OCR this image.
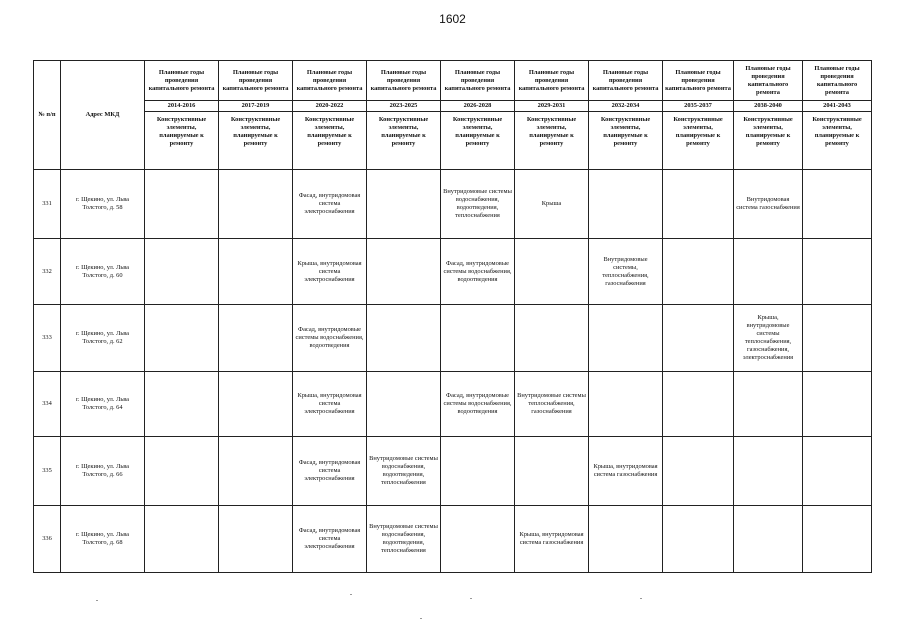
1602
№ п/п	Адрес МКД	Плановые годы проведения капитального ремонта	Плановые годы проведения капитального ремонта	Плановые годы проведения капитального ремонта	Плановые годы проведения капитального ремонта	Плановые годы проведения капитального ремонта	Плановые годы проведения капитального ремонта	Плановые годы проведения капитального ремонта	Плановые годы проведения капитального ремонта	Плановые годы проведения капитального ремонта	Плановые годы проведения капитального ремонта
		2014-2016	2017-2019	2020-2022	2023-2025	2026-2028	2029-2031	2032-2034	2035-2037	2038-2040	2041-2043
		Конструктивные элементы, планируемые к ремонту	Конструктивные элементы, планируемые к ремонту	Конструктивные элементы, планируемые к ремонту	Конструктивные элементы, планируемые к ремонту	Конструктивные элементы, планируемые к ремонту	Конструктивные элементы, планируемые к ремонту	Конструктивные элементы, планируемые к ремонту	Конструктивные элементы, планируемые к ремонту	Конструктивные элементы, планируемые к ремонту	Конструктивные элементы, планируемые к ремонту
331	г. Щекино, ул. Льва Толстого, д. 58			Фасад, внутридомовая система электроснабжения		Внутридомовые системы водоснабжения, водоотведения, теплоснабжения	Крыша			Внутридомовая система газоснабжения	
332	г. Щекино, ул. Льва Толстого, д. 60			Крыша, внутридомовая система электроснабжения		Фасад, внутридомовые системы водоснабжения, водоотведения		Внутридомовые системы, теплоснабжения, газоснабжения			
333	г. Щекино, ул. Льва Толстого, д. 62			Фасад, внутридомовые системы водоснабжения, водоотведения						Крыша, внутридомовые системы теплоснабжения, газоснабжения, электроснабжения	
334	г. Щекино, ул. Льва Толстого, д. 64			Крыша, внутридомовая система электроснабжения		Фасад, внутридомовые системы водоснабжения, водоотведения	Внутридомовые системы теплоснабжения, газоснабжения				
335	г. Щекино, ул. Льва Толстого, д. 66			Фасад, внутридомовая система электроснабжения	Внутридомовые системы водоснабжения, водоотведения, теплоснабжения			Крыша, внутридомовая система газоснабжения			
336	г. Щекино, ул. Льва Толстого, д. 68			Фасад, внутридомовая система электроснабжения	Внутридомовые системы водоснабжения, водоотведения, теплоснабжения		Крыша, внутридомовая система газоснабжения				
